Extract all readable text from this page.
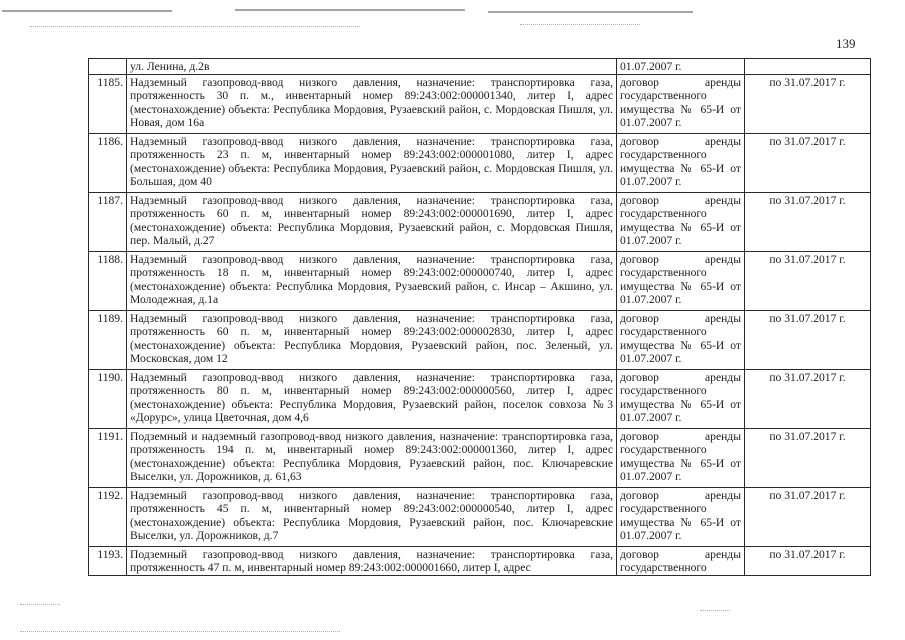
139
	ул. Ленина, д.2в	01.07.2007 г.	
1185.	Надземный газопровод-ввод низкого давления, назначение: транспортировка газа, протяженность 30 п. м., инвентарный номер 89:243:002:000001340, литер I, адрес (местонахождение) объекта: Республика Мордовия, Рузаевский район, с. Мордовская Пишля, ул. Новая, дом 16а	договор аренды государственного имущества № 65-И от 01.07.2007 г.	по 31.07.2017 г.
1186.	Надземный газопровод-ввод низкого давления, назначение: транспортировка газа, протяженность 23 п. м, инвентарный номер 89:243:002:000001080, литер I, адрес (местонахождение) объекта: Республика Мордовия, Рузаевский район, с. Мордовская Пишля, ул. Большая, дом 40	договор аренды государственного имущества № 65-И от 01.07.2007 г.	по 31.07.2017 г.
1187.	Надземный газопровод-ввод низкого давления, назначение: транспортировка газа, протяженность 60 п. м, инвентарный номер 89:243:002:000001690, литер I, адрес (местонахождение) объекта: Республика Мордовия, Рузаевский район, с. Мордовская Пишля, пер. Малый, д.27	договор аренды государственного имущества № 65-И от 01.07.2007 г.	по 31.07.2017 г.
1188.	Надземный газопровод-ввод низкого давления, назначение: транспортировка газа, протяженность 18 п. м, инвентарный номер 89:243:002:000000740, литер I, адрес (местонахождение) объекта: Республика Мордовия, Рузаевский район, с. Инсар – Акшино, ул. Молодежная, д.1а	договор аренды государственного имущества № 65-И от 01.07.2007 г.	по 31.07.2017 г.
1189.	Надземный газопровод-ввод низкого давления, назначение: транспортировка газа, протяженность 60 п. м, инвентарный номер 89:243:002:000002830, литер I, адрес (местонахождение) объекта: Республика Мордовия, Рузаевский район, пос. Зеленый, ул. Московская, дом 12	договор аренды государственного имущества № 65-И от 01.07.2007 г.	по 31.07.2017 г.
1190.	Надземный газопровод-ввод низкого давления, назначение: транспортировка газа, протяженность 80 п. м, инвентарный номер 89:243:002:000000560, литер I, адрес (местонахождение) объекта: Республика Мордовия, Рузаевский район, поселок совхоза №3 «Дорурс», улица Цветочная, дом 4,6	договор аренды государственного имущества № 65-И от 01.07.2007 г.	по 31.07.2017 г.
1191.	Подземный и надземный газопровод-ввод низкого давления, назначение: транспортировка газа, протяженность 194 п. м, инвентарный номер 89:243:002:000001360, литер I, адрес (местонахождение) объекта: Республика Мордовия, Рузаевский район, пос. Ключаревские Выселки, ул. Дорожников, д. 61,63	договор аренды государственного имущества № 65-И от 01.07.2007 г.	по 31.07.2017 г.
1192.	Надземный газопровод-ввод низкого давления, назначение: транспортировка газа, протяженность 45 п. м, инвентарный номер 89:243:002:000000540, литер I, адрес (местонахождение) объекта: Республика Мордовия, Рузаевский район, пос. Ключаревские Выселки, ул. Дорожников, д.7	договор аренды государственного имущества № 65-И от 01.07.2007 г.	по 31.07.2017 г.
1193.	Подземный газопровод-ввод низкого давления, назначение: транспортировка газа, протяженность 47 п. м, инвентарный номер 89:243:002:000001660, литер I, адрес	договор аренды государственного	по 31.07.2017 г.
